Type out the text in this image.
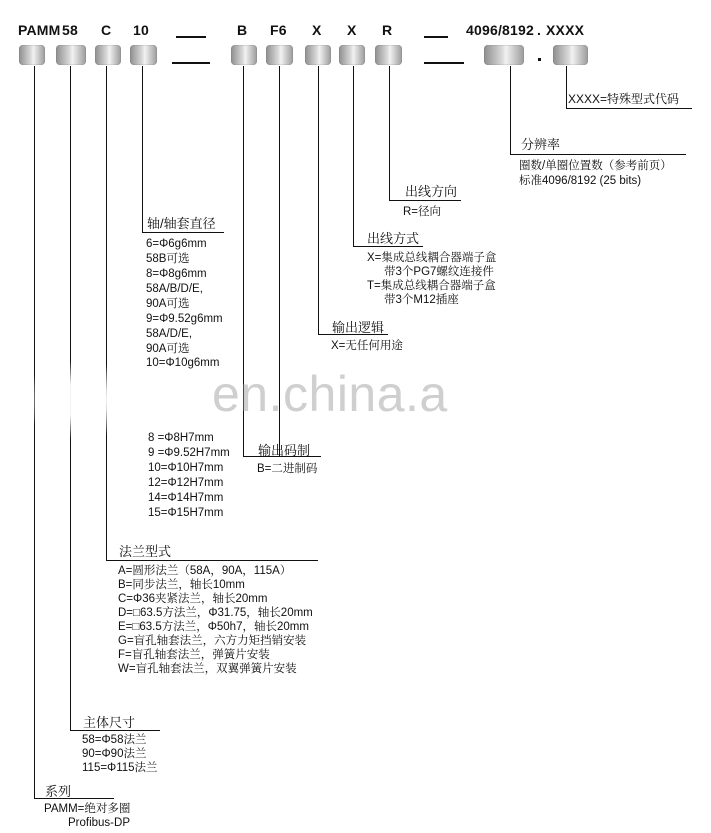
PAMM 58 C 10	B F6 X X R	4096/8192 . XXXX
XXXX=特殊型式代码
分辨率
圈数/单圈位置数（参考前页）
标准4096/8192 (25 bits)
出线方向
R=径向
出线方式
X=集成总线耦合器端子盒
带3个PG7螺纹连接件
T=集成总线耦合器端子盒
带3个M12插座
输出逻辑
X=无任何用途
轴/轴套直径
6=Φ6g6mm
58B可选
8=Φ8g6mm
58A/B/D/E,
90A可选
9=Φ9.52g6mm
58A/D/E,
90A可选
10=Φ10g6mm
8 =Φ8H7mm
9 =Φ9.52H7mm
10=Φ10H7mm
12=Φ12H7mm
14=Φ14H7mm
15=Φ15H7mm
输出码制
B=二进制码
法兰型式
A=圆形法兰（58A，90A，115A）
B=同步法兰，轴长10mm
C=Φ36夹紧法兰，轴长20mm
D=□63.5方法兰，Φ31.75，轴长20mm
E=□63.5方法兰，Φ50h7，轴长20mm
G=盲孔轴套法兰，六方力矩挡销安装
F=盲孔轴套法兰，弹簧片安装
W=盲孔轴套法兰，双翼弹簧片安装
主体尺寸
58=Φ58法兰
90=Φ90法兰
115=Φ115法兰
系列
PAMM=绝对多圈
Profibus-DP
en.china.a
